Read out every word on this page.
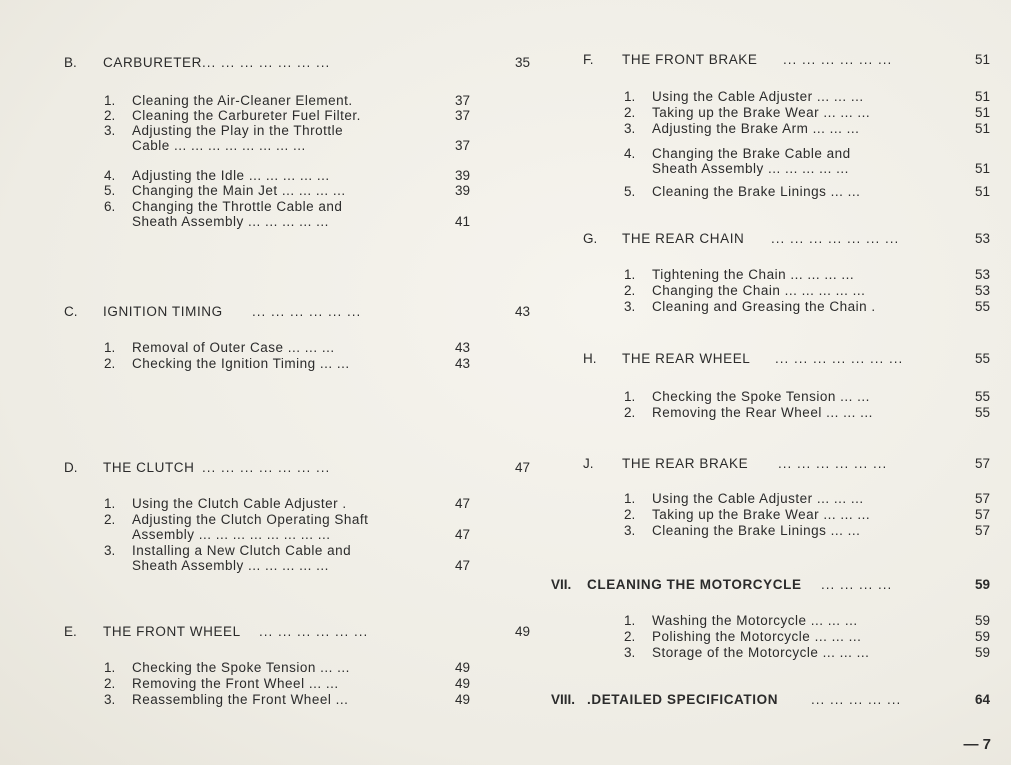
B. CARBURETER ... ... ... ... ... ... ...	35
1. Cleaning the Air-Cleaner Element.	37
2. Cleaning the Carbureter Fuel Filter.	37
3. Adjusting the Play in the Throttle
Cable ... ... ... ... ... ... ... ...	37
4. Adjusting the Idle ... ... ... ... ...	39
5. Changing the Main Jet ... ... ... ...	39
6. Changing the Throttle Cable and
Sheath Assembly ... ... ... ... ...	41
C. IGNITION TIMING ... ... ... ... ... ...	43
1. Removal of Outer Case ... ... ...	43
2. Checking the Ignition Timing ... ...	43
D. THE CLUTCH ... ... ... ... ... ... ...	47
1. Using the Clutch Cable Adjuster .	47
2. Adjusting the Clutch Operating Shaft
Assembly ... ... ... ... ... ... ... ...	47
3. Installing a New Clutch Cable and
Sheath Assembly ... ... ... ... ...	47
E. THE FRONT WHEEL ... ... ... ... ... ...	49
1. Checking the Spoke Tension ... ...	49
2. Removing the Front Wheel ... ...	49
3. Reassembling the Front Wheel ...	49
F. THE FRONT BRAKE ... ... ... ... ... ...	51
1. Using the Cable Adjuster ... ... ...	51
2. Taking up the Brake Wear ... ... ...	51
3. Adjusting the Brake Arm ... ... ...	51
4. Changing the Brake Cable and
Sheath Assembly ... ... ... ... ...	51
5. Cleaning the Brake Linings ... ...	51
G. THE REAR CHAIN ... ... ... ... ... ... ...	53
1. Tightening the Chain ... ... ... ...	53
2. Changing the Chain ... ... ... ... ...	53
3. Cleaning and Greasing the Chain .	55
H. THE REAR WHEEL ... ... ... ... ... ... ...	55
1. Checking the Spoke Tension ... ...	55
2. Removing the Rear Wheel ... ... ...	55
J. THE REAR BRAKE ... ... ... ... ... ...	57
1. Using the Cable Adjuster ... ... ...	57
2. Taking up the Brake Wear ... ... ...	57
3. Cleaning the Brake Linings ... ...	57
VII. CLEANING THE MOTORCYCLE ... ... ... ...	59
1. Washing the Motorcycle ... ... ...	59
2. Polishing the Motorcycle ... ... ...	59
3. Storage of the Motorcycle ... ... ...	59
VIII. .DETAILED SPECIFICATION ... ... ... ... ...	64
— 7
